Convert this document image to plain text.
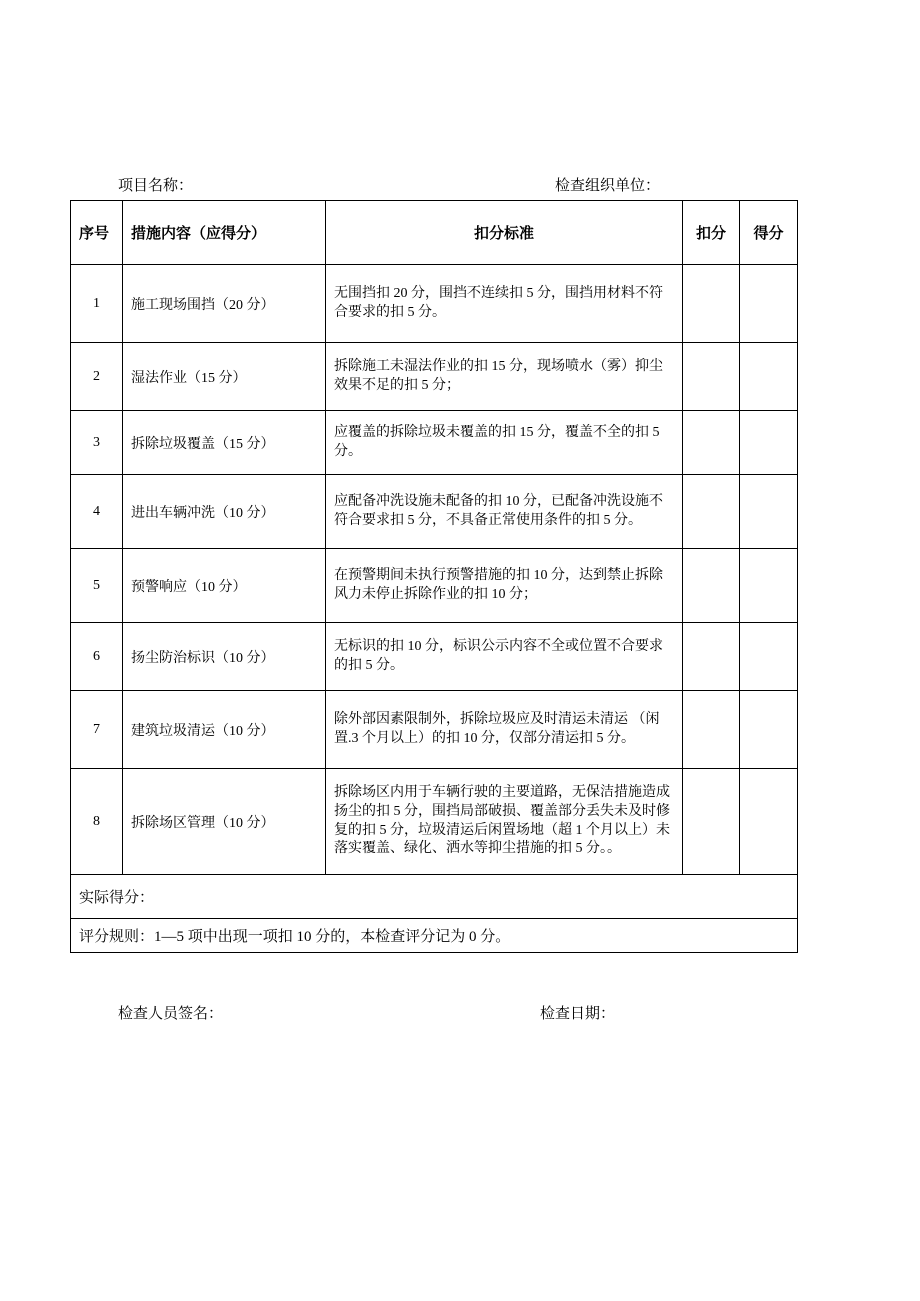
项目名称：	检查组织单位：
序号	措施内容（应得分）	扣分标准	扣分	得分
1	施工现场围挡（20 分）	无围挡扣 20 分，围挡不连续扣 5 分，围挡用材料不符合要求的扣 5 分。		
2	湿法作业（15 分）	拆除施工未湿法作业的扣 15 分，现场喷水（雾）抑尘效果不足的扣 5 分；		
3	拆除垃圾覆盖（15 分）	应覆盖的拆除垃圾未覆盖的扣 15 分，覆盖不全的扣 5 分。		
4	进出车辆冲洗（10 分）	应配备冲洗设施未配备的扣 10 分，已配备冲洗设施不符合要求扣 5 分，不具备正常使用条件的扣 5 分。		
5	预警响应（10 分）	在预警期间未执行预警措施的扣 10 分，达到禁止拆除风力未停止拆除作业的扣 10 分；		
6	扬尘防治标识（10 分）	无标识的扣 10 分，标识公示内容不全或位置不合要求的扣 5 分。		
7	建筑垃圾清运（10 分）	除外部因素限制外，拆除垃圾应及时清运未清运 （闲置.3 个月以上）的扣 10 分，仅部分清运扣 5 分。		
8	拆除场区管理（10 分）	拆除场区内用于车辆行驶的主要道路，无保洁措施造成扬尘的扣 5 分，围挡局部破损、覆盖部分丢失未及时修复的扣 5 分，垃圾清运后闲置场地（超 1 个月以上）未落实覆盖、绿化、洒水等抑尘措施的扣 5 分。。		
实际得分：				
评分规则：1—5 项中出现一项扣 10 分的，本检查评分记为 0 分。				
检查人员签名：	检查日期：
